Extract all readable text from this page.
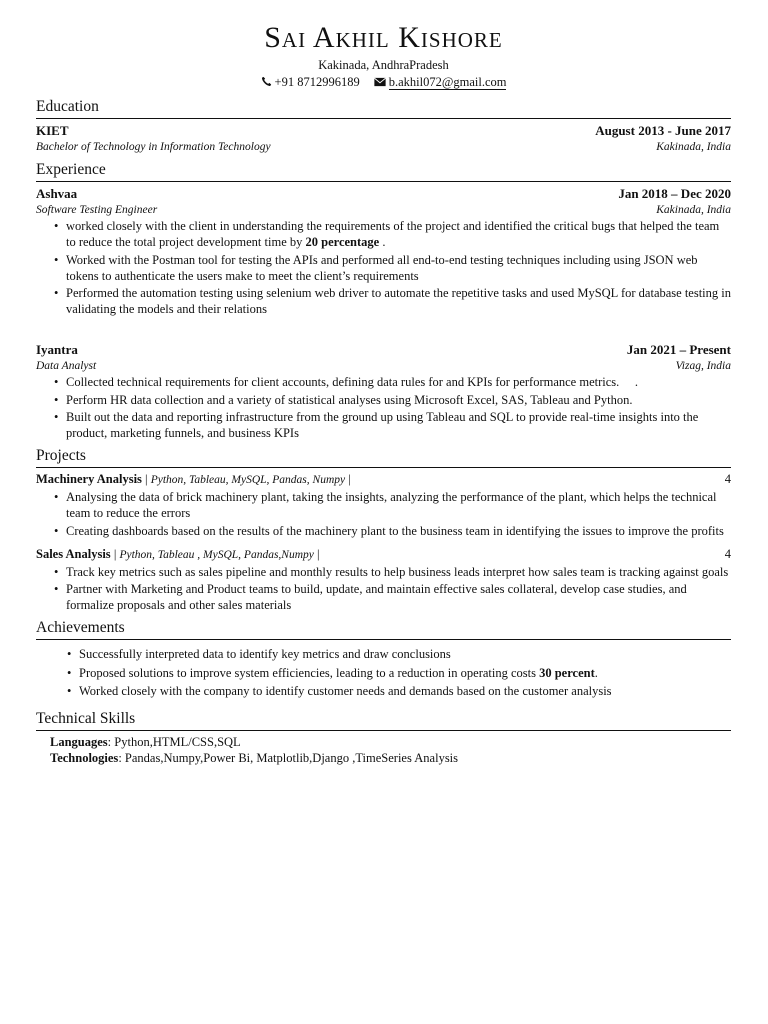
Sai Akhil Kishore
Kakinada, AndhraPradesh
+91 8712996189 b.akhil072@gmail.com
Education
KIET	August 2013 - June 2017
Bachelor of Technology in Information Technology	Kakinada, India
Experience
Ashvaa	Jan 2018 – Dec 2020
Software Testing Engineer	Kakinada, India
• worked closely with the client in understanding the requirements of the project and identified the critical bugs that helped the team to reduce the total project development time by 20 percentage .
• Worked with the Postman tool for testing the APIs and performed all end-to-end testing techniques including using JSON web tokens to authenticate the users make to meet the client’s requirements
• Performed the automation testing using selenium web driver to automate the repetitive tasks and used MySQL for database testing in validating the models and their relations
Iyantra	Jan 2021 – Present
Data Analyst	Vizag, India
• Collected technical requirements for client accounts, defining data rules for and KPIs for performance metrics.     .
• Perform HR data collection and a variety of statistical analyses using Microsoft Excel, SAS, Tableau and Python.
• Built out the data and reporting infrastructure from the ground up using Tableau and SQL to provide real-time insights into the product, marketing funnels, and business KPIs
Projects
Machinery Analysis | Python, Tableau, MySQL, Pandas, Numpy |	4
• Analysing the data of brick machinery plant, taking the insights, analyzing the performance of the plant, which helps the technical team to reduce the errors
• Creating dashboards based on the results of the machinery plant to the business team in identifying the issues to improve the profits
Sales Analysis | Python, Tableau , MySQL, Pandas,Numpy |	4
• Track key metrics such as sales pipeline and monthly results to help business leads interpret how sales team is tracking against goals
• Partner with Marketing and Product teams to build, update, and maintain effective sales collateral, develop case studies, and formalize proposals and other sales materials
Achievements
• Successfully interpreted data to identify key metrics and draw conclusions
• Proposed solutions to improve system efficiencies, leading to a reduction in operating costs 30 percent.
• Worked closely with the company to identify customer needs and demands based on the customer analysis
Technical Skills
Languages: Python,HTML/CSS,SQL
Technologies: Pandas,Numpy,Power Bi, Matplotlib,Django ,TimeSeries Analysis
